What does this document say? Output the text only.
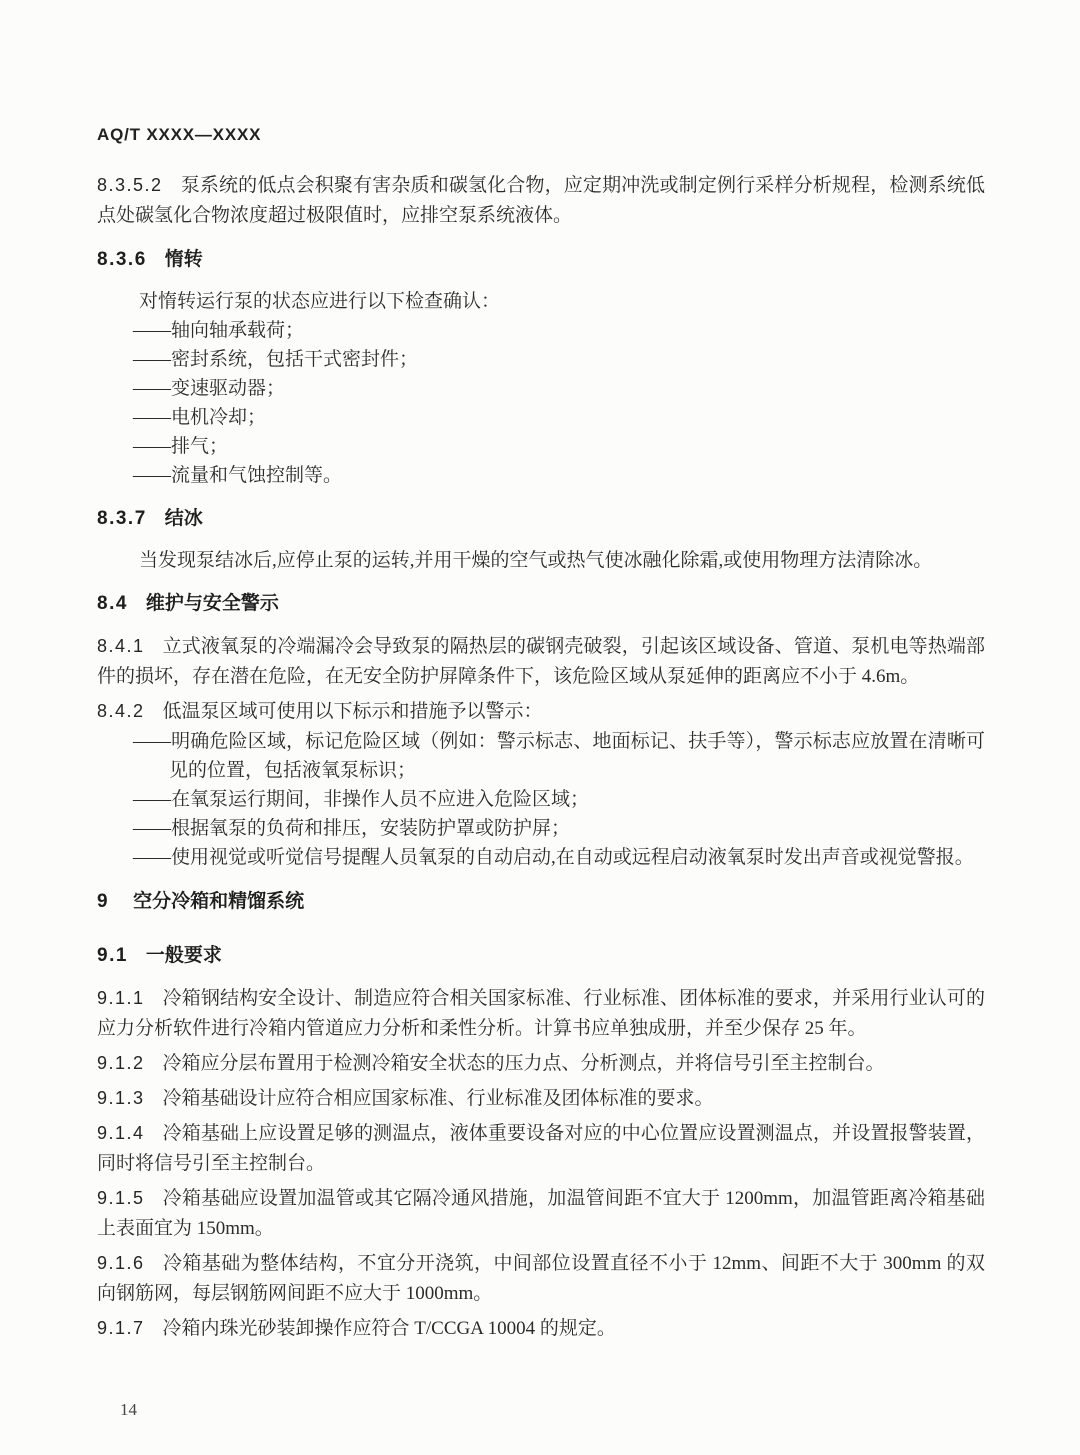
AQ/T XXXX—XXXX
8.3.5.2 泵系统的低点会积聚有害杂质和碳氢化合物，应定期冲洗或制定例行采样分析规程，检测系统低点处碳氢化合物浓度超过极限值时，应排空泵系统液体。
8.3.6 惰转
对惰转运行泵的状态应进行以下检查确认：
——轴向轴承载荷；
——密封系统，包括干式密封件；
——变速驱动器；
——电机冷却；
——排气；
——流量和气蚀控制等。
8.3.7 结冰
当发现泵结冰后,应停止泵的运转,并用干燥的空气或热气使冰融化除霜,或使用物理方法清除冰。
8.4 维护与安全警示
8.4.1 立式液氧泵的冷端漏冷会导致泵的隔热层的碳钢壳破裂，引起该区域设备、管道、泵机电等热端部件的损坏，存在潜在危险，在无安全防护屏障条件下，该危险区域从泵延伸的距离应不小于 4.6m。
8.4.2 低温泵区域可使用以下标示和措施予以警示：
——明确危险区域，标记危险区域（例如：警示标志、地面标记、扶手等），警示标志应放置在清晰可见的位置，包括液氧泵标识；
——在氧泵运行期间，非操作人员不应进入危险区域；
——根据氧泵的负荷和排压，安装防护罩或防护屏；
——使用视觉或听觉信号提醒人员氧泵的自动启动,在自动或远程启动液氧泵时发出声音或视觉警报。
9 空分冷箱和精馏系统
9.1 一般要求
9.1.1 冷箱钢结构安全设计、制造应符合相关国家标准、行业标准、团体标准的要求，并采用行业认可的应力分析软件进行冷箱内管道应力分析和柔性分析。计算书应单独成册，并至少保存 25 年。
9.1.2 冷箱应分层布置用于检测冷箱安全状态的压力点、分析测点，并将信号引至主控制台。
9.1.3 冷箱基础设计应符合相应国家标准、行业标准及团体标准的要求。
9.1.4 冷箱基础上应设置足够的测温点，液体重要设备对应的中心位置应设置测温点，并设置报警装置，同时将信号引至主控制台。
9.1.5 冷箱基础应设置加温管或其它隔冷通风措施，加温管间距不宜大于 1200mm，加温管距离冷箱基础上表面宜为 150mm。
9.1.6 冷箱基础为整体结构，不宜分开浇筑，中间部位设置直径不小于 12mm、间距不大于 300mm 的双向钢筋网，每层钢筋网间距不应大于 1000mm。
9.1.7 冷箱内珠光砂装卸操作应符合 T/CCGA 10004 的规定。
14
